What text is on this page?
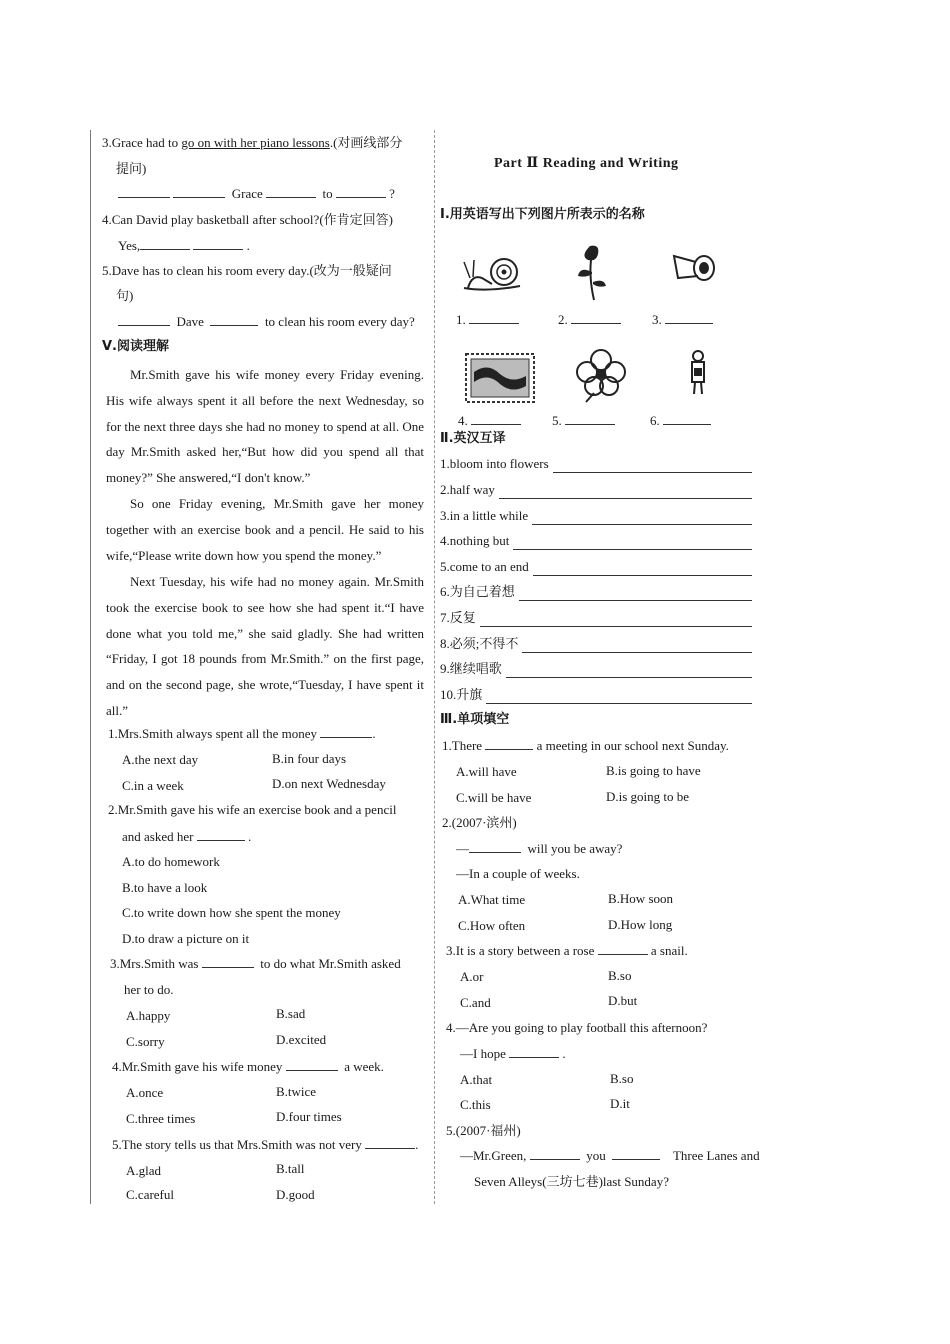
3.Grace had to go on with her piano lessons.(对画线部分
提问)
Grace	to	?
4.Can David play basketball after school?(作肯定回答)
Yes,	.
5.Dave has to clean his room every day.(改为一般疑问
句)
Dave	to clean his room every day?
Ⅴ.阅读理解
Mr.Smith gave his wife money every Friday evening. His wife always spent it all before the next Wednesday, so for the next three days she had no money to spend at all. One day Mr.Smith asked her,“But how did you spend all that money?” She answered,“I don't know.”
So one Friday evening, Mr.Smith gave her money together with an exercise book and a pencil. He said to his wife,“Please write down how you spend the money.”
Next Tuesday, his wife had no money again. Mr.Smith took the exercise book to see how she had spent it.“I have done what you told me,” she said gladly. She had written “Friday, I got 18 pounds from Mr.Smith.” on the first page, and on the second page, she wrote,“Tuesday, I have spent it all.”
1.Mrs.Smith always spent all the money	.
A.the next day	B.in four days
C.in a week	D.on next Wednesday
2.Mr.Smith gave his wife an exercise book and a pencil
and asked her	.
A.to do homework
B.to have a look
C.to write down how she spent the money
D.to draw a picture on it
3.Mrs.Smith was	to do what Mr.Smith asked
her to do.
A.happy	B.sad
C.sorry	D.excited
4.Mr.Smith gave his wife money	a week.
A.once	B.twice
C.three times	D.four times
5.The story tells us that Mrs.Smith was not very	.
A.glad	B.tall
C.careful	D.good
Part Ⅱ Reading and Writing
Ⅰ.用英语写出下列图片所表示的名称
1.	2.	3.
4.	5.	6.
Ⅱ.英汉互译
1.bloom into flowers
2.half way
3.in a little while
4.nothing but
5.come to an end
6.为自己着想
7.反复
8.必须;不得不
9.继续唱歌
10.升旗
Ⅲ.单项填空
1.There	a meeting in our school next Sunday.
A.will have	B.is going to have
C.will be have	D.is going to be
2.(2007·滨州)
—	will you be away?
—In a couple of weeks.
A.What time	B.How soon
C.How often	D.How long
3.It is a story between a rose	a snail.
A.or	B.so
C.and	D.but
4.—Are you going to play football this afternoon?
—I hope	.
A.that	B.so
C.this	D.it
5.(2007·福州)
—Mr.Green,	you	Three Lanes and
Seven Alleys(三坊七巷)last Sunday?
